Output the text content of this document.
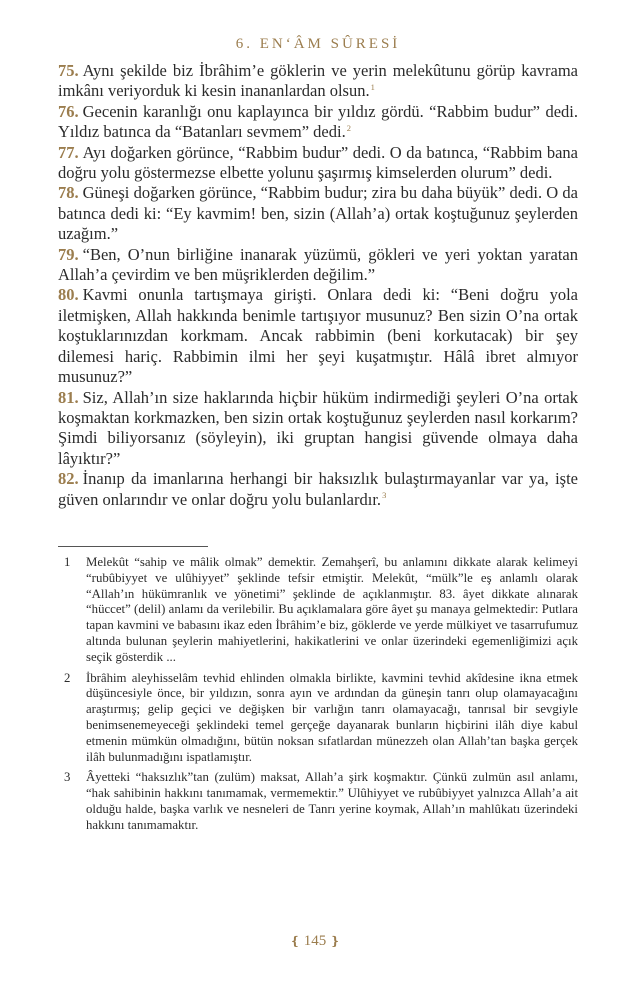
6. EN‘ÂM SÛRESİ

75. Aynı şekilde biz İbrâhim’e göklerin ve yerin melekûtunu görüp kavrama imkânı veriyorduk ki kesin inananlardan olsun.$^1$

76. Gecenin karanlığı onu kaplayınca bir yıldız gördü. “Rabbim budur” dedi. Yıldız batınca da “Batanları sevmem” dedi.$^2$

77. Ayı doğarken görünce, “Rabbim budur” dedi. O da batınca, “Rabbim bana doğru yolu göstermezse elbette yolunu şaşırmış kimselerden olurum” dedi.

78. Güneşi doğarken görünce, “Rabbim budur; zira bu daha büyük” dedi. O da batınca dedi ki: “Ey kavmim! ben, sizin (Allah’a) ortak koştuğunuz şeylerden uzağım.”

79. “Ben, O’nun birliğine inanarak yüzümü, gökleri ve yeri yoktan yaratan Allah’a çevirdim ve ben müşriklerden değilim.”

80. Kavmi onunla tartışmaya girişti. Onlara dedi ki: “Beni doğru yola iletmişken, Allah hakkında benimle tartışıyor musunuz? Ben sizin O’na ortak koştuklarınızdan korkmam. Ancak rabbimin (beni korkutacak) bir şey dilemesi hariç. Rabbimin ilmi her şeyi kuşatmıştır. Hâlâ ibret almıyor musunuz?”

81. Siz, Allah’ın size haklarında hiçbir hüküm indirmediği şeyleri O’na ortak koşmaktan korkmazken, ben sizin ortak koştuğunuz şeylerden nasıl korkarım? Şimdi biliyorsanız (söyleyin), iki gruptan hangisi güvende olmaya daha lâyıktır?”

82. İnanıp da imanlarına herhangi bir haksızlık bulaştırmayanlar var ya, işte güven onlarındır ve onlar doğru yolu bulanlardır.$^3$

1	Melekût “sahip ve mâlik olmak” demektir. Zemahşerî, bu anlamını dikkate alarak kelimeyi “rubûbiyyet ve ulûhiyyet” şeklinde tefsir etmiştir. Melekût, “mülk”le eş anlamlı olarak “Allah’ın hükümranlık ve yönetimi” şeklinde de açıklanmıştır. 83. âyet dikkate alınarak “hüccet” (delil) anlamı da verilebilir. Bu açıklamalara göre âyet şu manaya gelmektedir: Putlara tapan kavmini ve babasını ikaz eden İbrâhim’e biz, göklerde ve yerde mülkiyet ve tasarrufumuz altında bulunan şeylerin mahiyetlerini, hakikatlerini ve onlar üzerindeki egemenliğimizi açık seçik gösterdik ...
2	İbrâhim aleyhisselâm tevhid ehlinden olmakla birlikte, kavmini tevhid akîdesine ikna etmek düşüncesiyle önce, bir yıldızın, sonra ayın ve ardından da güneşin tanrı olup olamayacağını araştırmış; gelip geçici ve değişken bir varlığın tanrı olamayacağı, tanrısal bir sevgiyle benimsenemeyeceği şeklindeki temel gerçeğe dayanarak bunların hiçbirini ilâh diye kabul etmenin mümkün olmadığını, bütün noksan sıfatlardan münezzeh olan Allah’tan başka gerçek ilâh bulunmadığını ispatlamıştır.
3	Âyetteki “haksızlık”tan (zulüm) maksat, Allah’a şirk koşmaktır. Çünkü zulmün asıl anlamı, “hak sahibinin hakkını tanımamak, vermemektir.” Ulûhiyyet ve rubûbiyyet yalnızca Allah’a ait olduğu halde, başka varlık ve nesneleri de Tanrı yerine koymak, Allah’ın mahlûkatı üzerindeki hakkını tanımamaktır.
❴ 145 ❵
